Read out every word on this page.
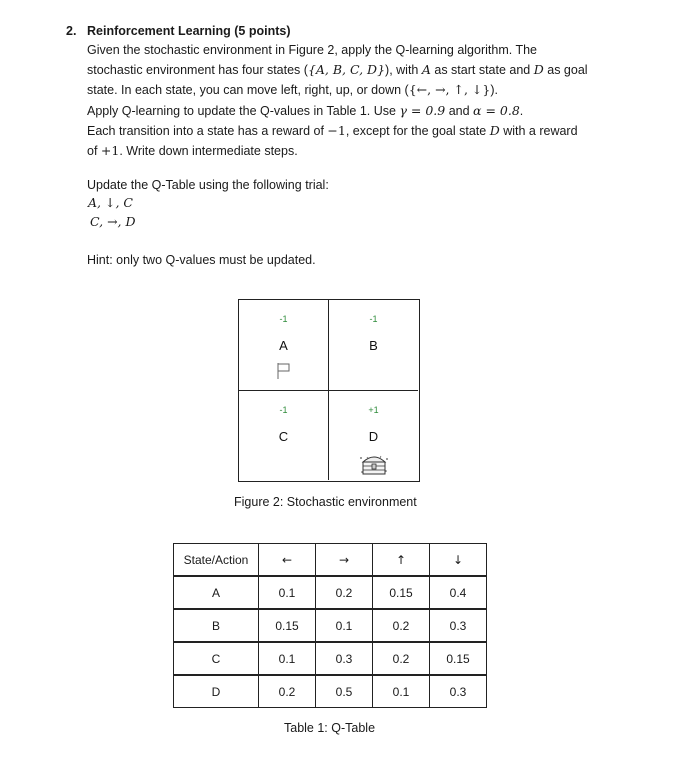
2. Reinforcement Learning (5 points)

Given the stochastic environment in Figure 2, apply the Q-learning algorithm. The

stochastic environment has four states ({A, B, C, D}), with A as start state and D as goal

state. In each state, you can move left, right, up, or down ({←, →, ↑, ↓}).

Apply Q-learning to update the Q-values in Table 1. Use γ = 0.9 and α = 0.8.

Each transition into a state has a reward of −1, except for the goal state D with a reward

of +1. Write down intermediate steps.

Update the Q-Table using the following trial:
A, ↓, C
C, →, D
Hint: only two Q-values must be updated.
-1
A
-1
B
-1
C
+1
D
Figure 2: Stochastic environment
State/Action	←	→	↑	↓
A	0.1	0.2	0.15	0.4
B	0.15	0.1	0.2	0.3
C	0.1	0.3	0.2	0.15
D	0.2	0.5	0.1	0.3
Table 1: Q-Table
